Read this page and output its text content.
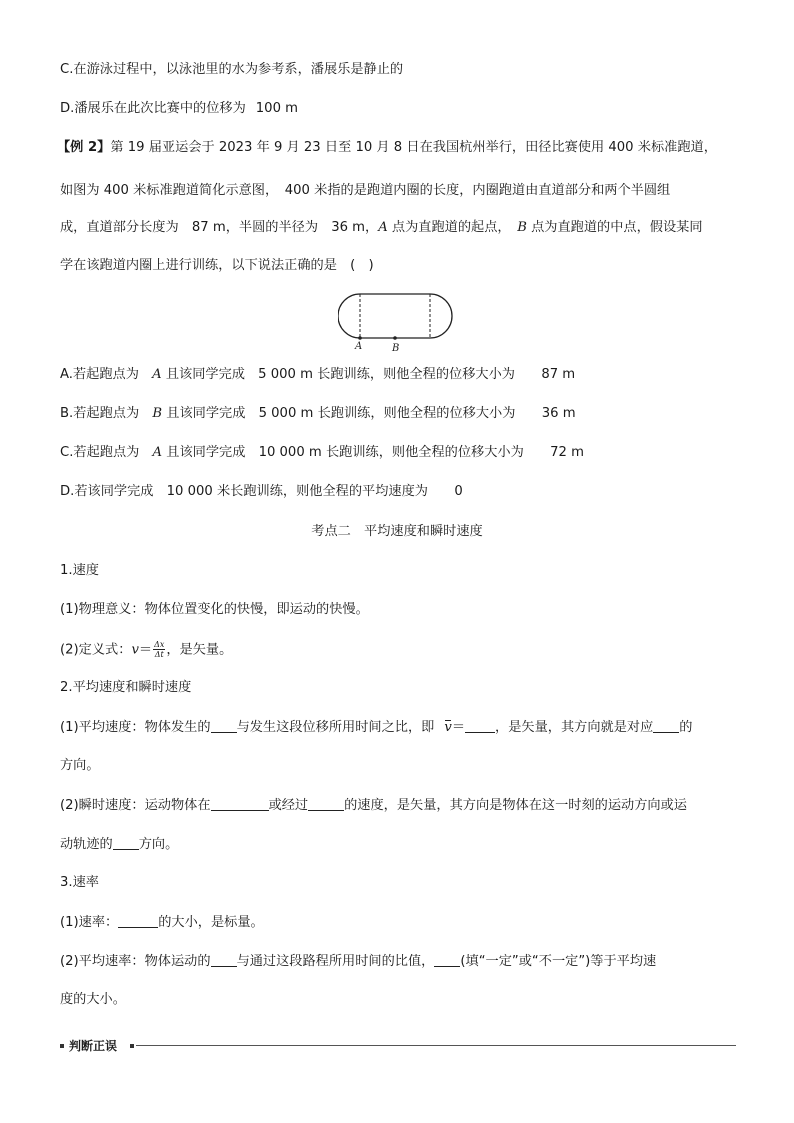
C.在游泳过程中，以泳池里的水为参考系，潘展乐是静止的
D.潘展乐在此次比赛中的位移为 100 m
【例 2】第 19 届亚运会于 2023 年 9 月 23 日至 10 月 8 日在我国杭州举行，田径比赛使用 400 米标准跑道，
如图为 400 米标准跑道简化示意图，　400 米指的是跑道内圈的长度，内圈跑道由直道部分和两个半圆组
成，直道部分长度为　87 m，半圆的半径为　36 m，A 点为直跑道的起点，　B 点为直跑道的中点，假设某同
学在该跑道内圈上进行训练，以下说法正确的是　(　)
A	B
A.若起跑点为　A 且该同学完成　5 000 m 长跑训练，则他全程的位移大小为　　87 m
B.若起跑点为　B 且该同学完成　5 000 m 长跑训练，则他全程的位移大小为　　36 m
C.若起跑点为　A 且该同学完成　10 000 m 长跑训练，则他全程的位移大小为　　72 m
D.若该同学完成　10 000 米长跑训练，则他全程的平均速度为　　0
考点二　平均速度和瞬时速度
1.速度
(1)物理意义：物体位置变化的快慢，即运动的快慢。
(2)定义式：$v= \frac{\Delta x}{\Delta t}$ ，是矢量。
2.平均速度和瞬时速度
(1)平均速度：物体发生的 与发生这段位移所用时间之比，即 v＝ ，是矢量，其方向就是对应 的
方向。
(2)瞬时速度：运动物体在	或经过	的速度，是矢量，其方向是物体在这一时刻的运动方向或运
动轨迹的 方向。
3.速率
(1)速率：	的大小，是标量。
(2)平均速率：物体运动的 与通过这段路程所用时间的比值， (填“一定”或“不一定”)等于平均速
度的大小。
判断正误
